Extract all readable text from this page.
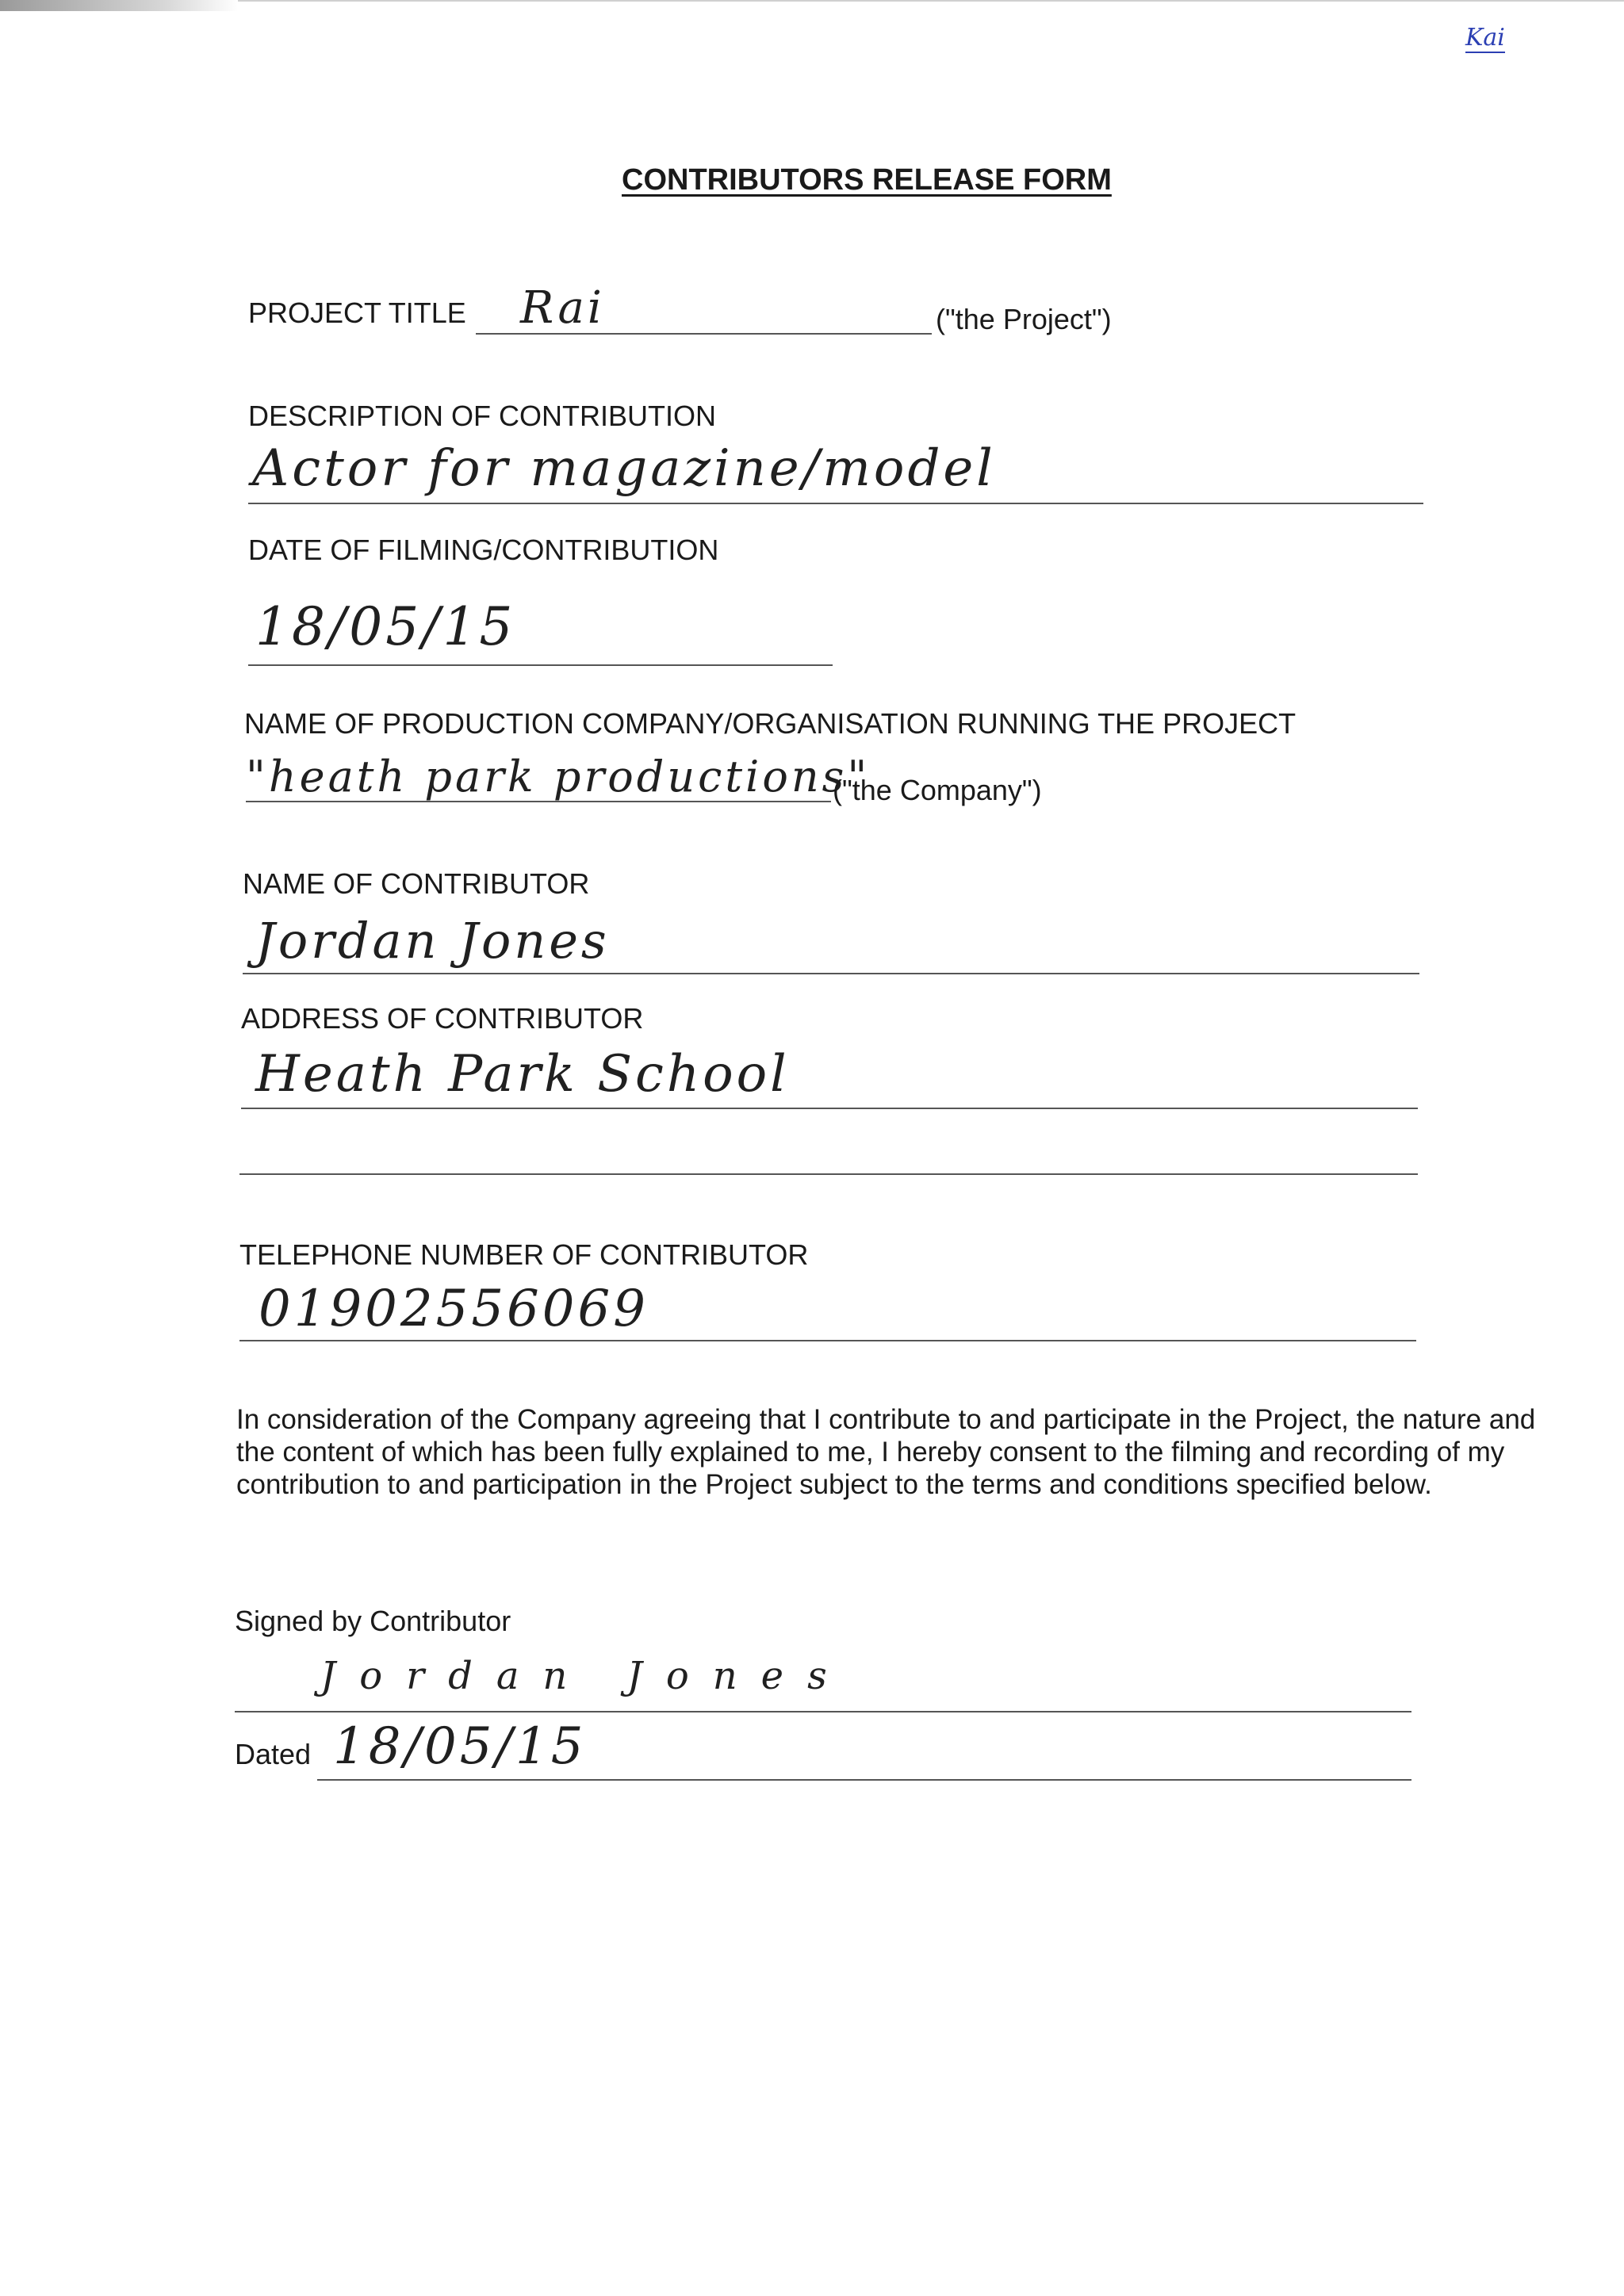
Kai
CONTRIBUTORS RELEASE FORM
PROJECT TITLE Rai	("the Project")
DESCRIPTION OF CONTRIBUTION
Actor for magazine/model
DATE OF FILMING/CONTRIBUTION
18/05/15
NAME OF PRODUCTION COMPANY/ORGANISATION RUNNING THE PROJECT
"heath park productions"
("the Company")
NAME OF CONTRIBUTOR
Jordan Jones
ADDRESS OF CONTRIBUTOR
Heath Park School
TELEPHONE NUMBER OF CONTRIBUTOR
01902556069
In consideration of the Company agreeing that I contribute to and participate in the Project, the nature and the content of which has been fully explained to me, I hereby consent to the filming and recording of my contribution to and participation in the Project subject to the terms and conditions specified below.
Signed by Contributor
Jordan Jones
Dated 18/05/15
